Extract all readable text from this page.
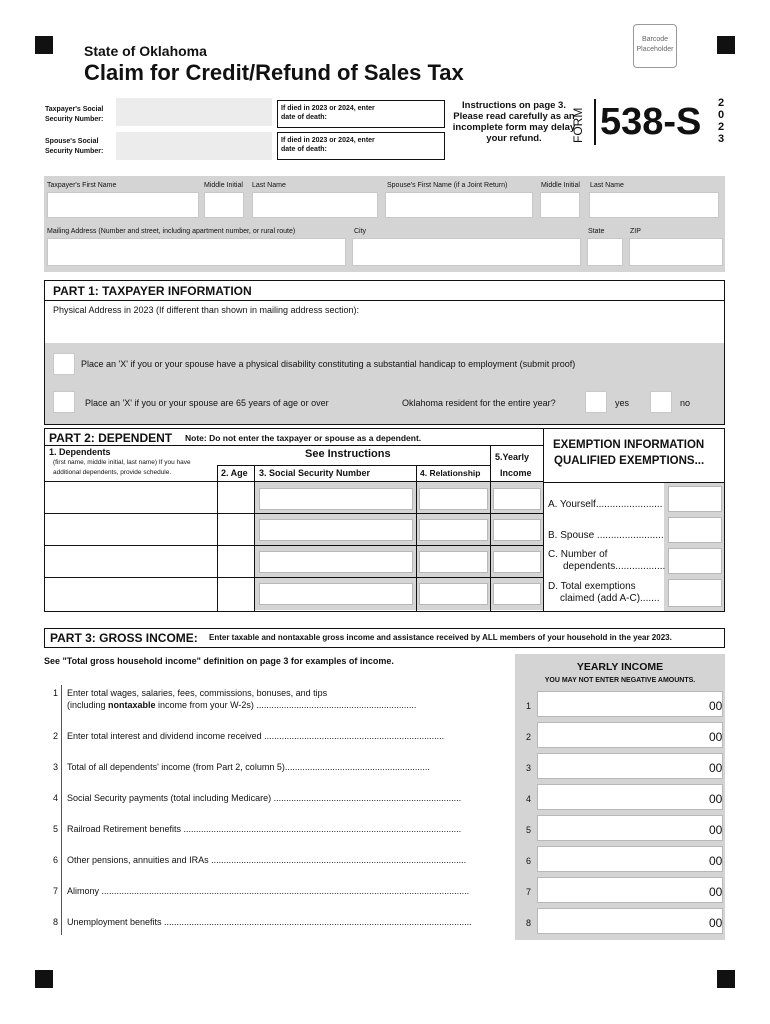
Barcode Placeholder
State of Oklahoma
Claim for Credit/Refund of Sales Tax
Taxpayer's Social Security Number:
Spouse's Social Security Number:
If died in 2023 or 2024, enter date of death:
If died in 2023 or 2024, enter date of death:
Instructions on page 3. Please read carefully as an incomplete form may delay your refund.	FORM 538-S 2
0
2
3
Taxpayer's First Name	Middle Initial Last Name	Spouse's First Name (if a Joint Return)	Middle Initial Last Name
Mailing Address (Number and street, including apartment number, or rural route)	City	State	ZIP
PART 1: TAXPAYER INFORMATION
Physical Address in 2023 (If different than shown in mailing address section):
Place an 'X' if you or your spouse have a physical disability constituting a substantial handicap to employment (submit proof)
Place an 'X' if you or your spouse are 65 years of age or over	Oklahoma resident for the entire year?	yes	no
PART 2: DEPENDENT Note: Do not enter the taxpayer or spouse as a dependent.
1. Dependents
(first name, middle initial, last name) If you have
additional dependents, provide schedule.
See Instructions
2. Age 3. Social Security Number	4. Relationship
5.Yearly
Income
EXEMPTION INFORMATION
QUALIFIED EXEMPTIONS...
A. Yourself........................
B. Spouse ........................
C. Number of
dependents..................
D. Total exemptions
claimed (add A-C).......
PART 3: GROSS INCOME: Enter taxable and nontaxable gross income and assistance received by ALL members of your household in the year 2023.
See "Total gross household income" definition on page 3 for examples of income.	YEARLY INCOME
YOU MAY NOT ENTER NEGATIVE AMOUNTS.
1 Enter total wages, salaries, fees, commissions, bonuses, and tips
(including nontaxable income from your W-2s) ................................................................	1	00
2 Enter total interest and dividend income received ........................................................................	2	00
3 Total of all dependents' income (from Part 2, column 5)..........................................................	3	00
4 Social Security payments (total including Medicare) ...........................................................................	4	00
5 Railroad Retirement benefits ...............................................................................................................	5	00
6 Other pensions, annuities and IRAs ......................................................................................................	6	00
7 Alimony ...................................................................................................................................................	7	00
8 Unemployment benefits ...........................................................................................................................	8	00
